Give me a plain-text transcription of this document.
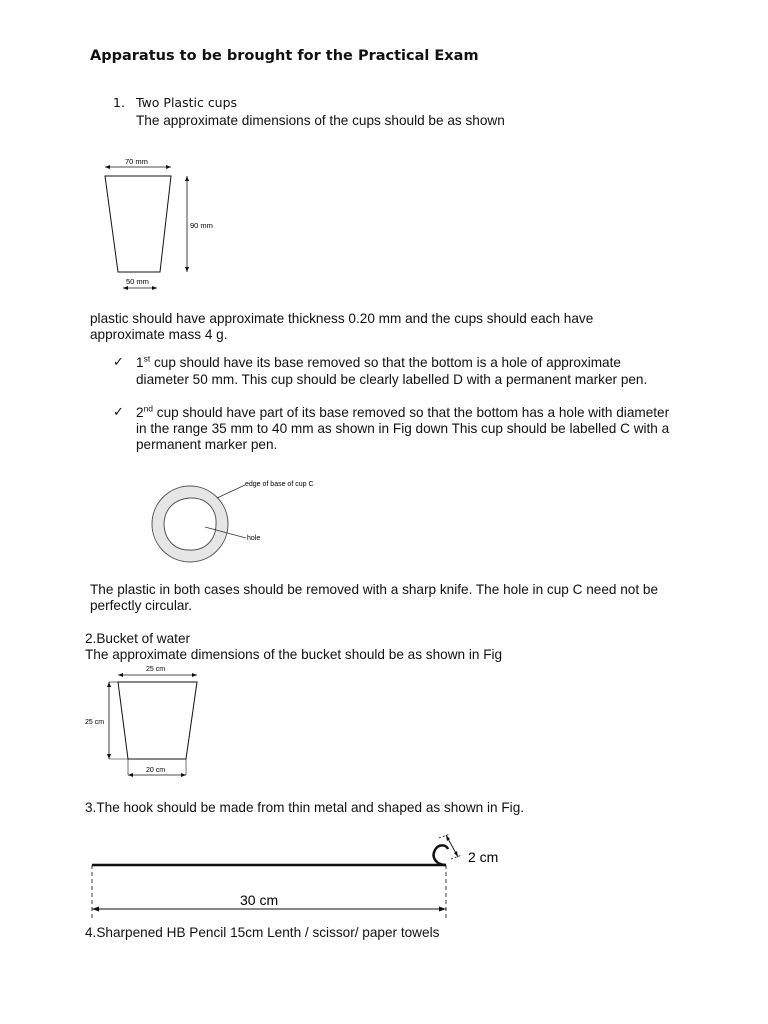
Apparatus to be brought for the Practical Exam
1. Two Plastic cups
The approximate dimensions of the cups should be as shown
70 mm
90 mm
50 mm
plastic should have approximate thickness 0.20 mm and the cups should each have
approximate mass 4 g.
✓ 1st cup should have its base removed so that the bottom is a hole of approximate
diameter 50 mm. This cup should be clearly labelled D with a permanent marker pen.
✓ 2nd cup should have part of its base removed so that the bottom has a hole with diameter
in the range 35 mm to 40 mm as shown in Fig down This cup should be labelled C with a
permanent marker pen.
edge of base of cup C
hole
The plastic in both cases should be removed with a sharp knife. The hole in cup C need not be
perfectly circular.
2.Bucket of water
The approximate dimensions of the bucket should be as shown in Fig
25 cm
25 cm
20 cm
3.The hook should be made from thin metal and shaped as shown in Fig.
30 cm
2 cm
4.Sharpened HB Pencil 15cm Lenth / scissor/ paper towels
